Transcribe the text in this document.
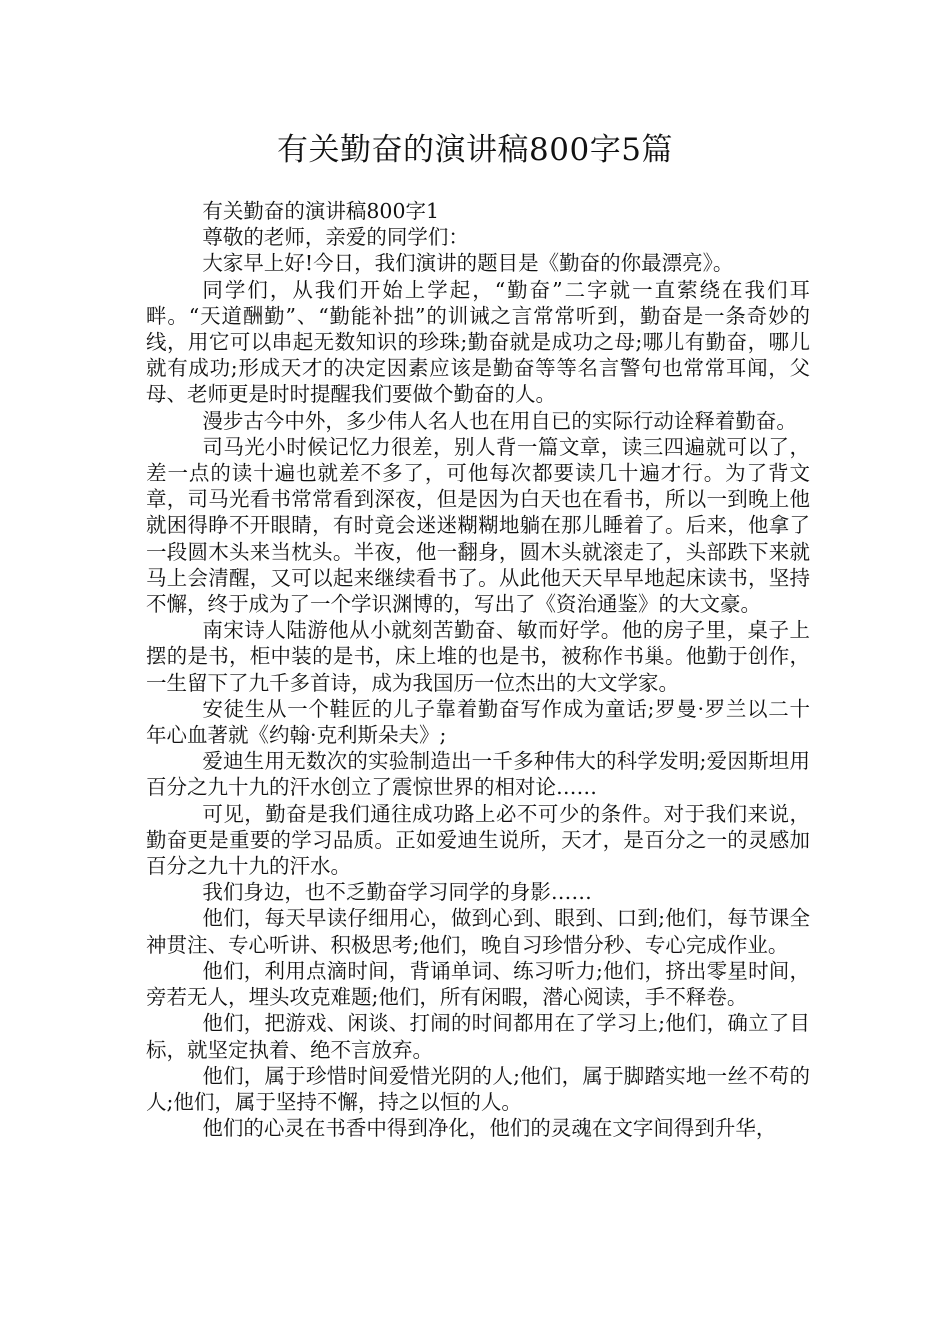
有关勤奋的演讲稿800字5篇

有关勤奋的演讲稿800字1

尊敬的老师，亲爱的同学们：

大家早上好!今日，我们演讲的题目是《勤奋的你最漂亮》。

同学们，从我们开始上学起，“勤奋”二字就一直萦绕在我们耳畔。“天道酬勤”、“勤能补拙”的训诫之言常常听到，勤奋是一条奇妙的线，用它可以串起无数知识的珍珠;勤奋就是成功之母;哪儿有勤奋，哪儿就有成功;形成天才的决定因素应该是勤奋等等名言警句也常常耳闻，父母、老师更是时时提醒我们要做个勤奋的人。

漫步古今中外，多少伟人名人也在用自已的实际行动诠释着勤奋。

司马光小时候记忆力很差，别人背一篇文章，读三四遍就可以了，差一点的读十遍也就差不多了，可他每次都要读几十遍才行。为了背文章，司马光看书常常看到深夜，但是因为白天也在看书，所以一到晚上他就困得睁不开眼睛，有时竟会迷迷糊糊地躺在那儿睡着了。后来，他拿了一段圆木头来当枕头。半夜，他一翻身，圆木头就滚走了，头部跌下来就马上会清醒，又可以起来继续看书了。从此他天天早早地起床读书，坚持不懈，终于成为了一个学识渊博的，写出了《资治通鉴》的大文豪。

南宋诗人陆游他从小就刻苦勤奋、敏而好学。他的房子里，桌子上摆的是书，柜中装的是书，床上堆的也是书，被称作书巢。他勤于创作，一生留下了九千多首诗，成为我国历一位杰出的大文学家。

安徒生从一个鞋匠的儿子靠着勤奋写作成为童话;罗曼·罗兰以二十年心血著就《约翰·克利斯朵夫》;

爱迪生用无数次的实验制造出一千多种伟大的科学发明;爱因斯坦用百分之九十九的汗水创立了震惊世界的相对论……

可见，勤奋是我们通往成功路上必不可少的条件。对于我们来说，勤奋更是重要的学习品质。正如爱迪生说所，天才，是百分之一的灵感加百分之九十九的汗水。

我们身边，也不乏勤奋学习同学的身影……

他们，每天早读仔细用心，做到心到、眼到、口到;他们，每节课全神贯注、专心听讲、积极思考;他们，晚自习珍惜分秒、专心完成作业。

他们，利用点滴时间，背诵单词、练习听力;他们，挤出零星时间，旁若无人，埋头攻克难题;他们，所有闲暇，潜心阅读，手不释卷。

他们，把游戏、闲谈、打闹的时间都用在了学习上;他们，确立了目标，就坚定执着、绝不言放弃。

他们，属于珍惜时间爱惜光阴的人;他们，属于脚踏实地一丝不苟的人;他们，属于坚持不懈，持之以恒的人。

他们的心灵在书香中得到净化，他们的灵魂在文字间得到升华，
